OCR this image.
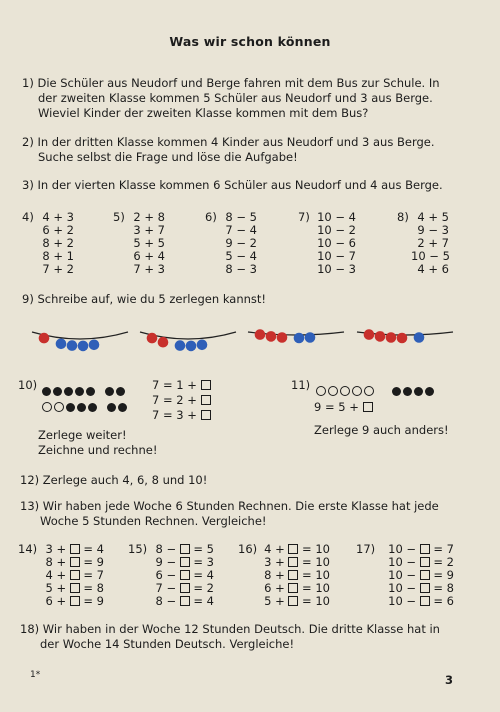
Was wir schon können
1) Die Schüler aus Neudorf und Berge fahren mit dem Bus zur Schule. In
der zweiten Klasse kommen 5 Schüler aus Neudorf und 3 aus Berge.
Wieviel Kinder der zweiten Klasse kommen mit dem Bus?
2) In der dritten Klasse kommen 4 Kinder aus Neudorf und 3 aus Berge.
Suche selbst die Frage und löse die Aufgabe!
3) In der vierten Klasse kommen 6 Schüler aus Neudorf und 4 aus Berge.
4) 4 + 3
6 + 2
8 + 2
8 + 1
7 + 2
5) 2 + 8
3 + 7
5 + 5
6 + 4
7 + 3
6) 8 − 5
7 − 4
9 − 2
5 − 4
8 − 3
7) 10 − 4
10 − 2
10 − 6
10 − 7
10 − 3
8) 4 + 5
9 − 3
2 + 7
10 − 5
4 + 6
9) Schreibe auf, wie du 5 zerlegen kannst!
10)	7 = 1 +
7 = 2 +
7 = 3 +
Zerlege weiter!
Zeichne und rechne!
11)
9 = 5 +
Zerlege 9 auch anders!
12) Zerlege auch 4, 6, 8 und 10!
13) Wir haben jede Woche 6 Stunden Rechnen. Die erste Klasse hat jede
Woche 5 Stunden Rechnen. Vergleiche!
14) 3 +  = 4
8 +  = 9
4 +  = 7
5 +  = 8
6 +  = 9
15) 8 −  = 5
9 −  = 3
6 −  = 4
7 −  = 2
8 −  = 4
16) 4 +  = 10
3 +  = 10
8 +  = 10
6 +  = 10
5 +  = 10
17)	10 −  = 7
10 −  = 2
10 −  = 9
10 −  = 8
10 −  = 6
18) Wir haben in der Woche 12 Stunden Deutsch. Die dritte Klasse hat in
der Woche 14 Stunden Deutsch. Vergleiche!
1*	3
